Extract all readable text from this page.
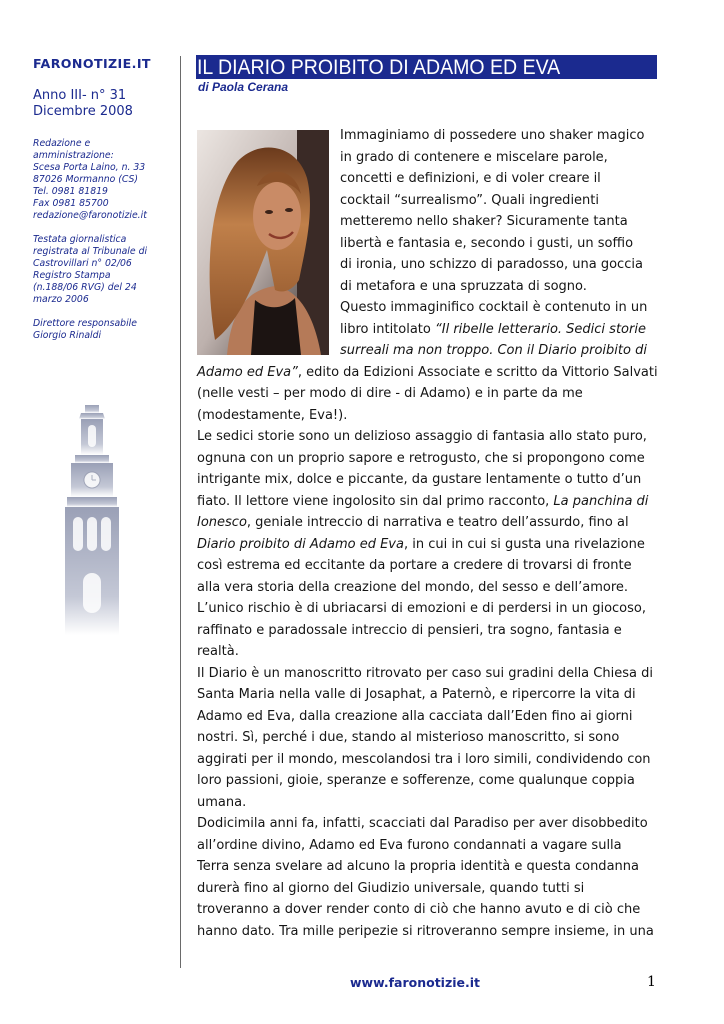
FARONOTIZIE.IT
Anno III- n° 31
Dicembre 2008
Redazione e
amministrazione:
Scesa Porta Laino, n. 33
87026 Mormanno (CS)
Tel. 0981 81819
Fax 0981 85700
redazione@faronotizie.it
Testata giornalistica
registrata al Tribunale di
Castrovillari n° 02/06
Registro Stampa
(n.188/06 RVG) del 24
marzo 2006
Direttore responsabile
Giorgio Rinaldi
IL DIARIO PROIBITO DI ADAMO ED EVA
di Paola Cerana
Immaginiamo di possedere uno shaker magico
in grado di contenere e miscelare parole,
concetti e definizioni, e di voler creare il
cocktail “surrealismo”. Quali ingredienti
metteremo nello shaker? Sicuramente tanta
libertà e fantasia e, secondo i gusti, un soffio
di ironia, uno schizzo di paradosso, una goccia
di metafora e una spruzzata di sogno.
Questo immaginifico cocktail è contenuto in un
libro intitolato “Il ribelle letterario. Sedici storie
surreali ma non troppo. Con il Diario proibito di
Adamo ed Eva”, edito da Edizioni Associate e scritto da Vittorio Salvati
(nelle vesti – per modo di dire - di Adamo) e in parte da me
(modestamente, Eva!).
Le sedici storie sono un delizioso assaggio di fantasia allo stato puro,
ognuna con un proprio sapore e retrogusto, che si propongono come
intrigante mix, dolce e piccante, da gustare lentamente o tutto d’un
fiato. Il lettore viene ingolosito sin dal primo racconto, La panchina di
Ionesco, geniale intreccio di narrativa e teatro dell’assurdo, fino al
Diario proibito di Adamo ed Eva, in cui in cui si gusta una rivelazione
così estrema ed eccitante da portare a credere di trovarsi di fronte
alla vera storia della creazione del mondo, del sesso e dell’amore.
L’unico rischio è di ubriacarsi di emozioni e di perdersi in un giocoso,
raffinato e paradossale intreccio di pensieri, tra sogno, fantasia e
realtà.
Il Diario è un manoscritto ritrovato per caso sui gradini della Chiesa di
Santa Maria nella valle di Josaphat, a Paternò, e ripercorre la vita di
Adamo ed Eva, dalla creazione alla cacciata dall’Eden fino ai giorni
nostri. Sì, perché i due, stando al misterioso manoscritto, si sono
aggirati per il mondo, mescolandosi tra i loro simili, condividendo con
loro passioni, gioie, speranze e sofferenze, come qualunque coppia
umana.
Dodicimila anni fa, infatti, scacciati dal Paradiso per aver disobbedito
all’ordine divino, Adamo ed Eva furono condannati a vagare sulla
Terra senza svelare ad alcuno la propria identità e questa condanna
durerà fino al giorno del Giudizio universale, quando tutti si
troveranno a dover render conto di ciò che hanno avuto e di ciò che
hanno dato. Tra mille peripezie si ritroveranno sempre insieme, in una
www.faronotizie.it	1
